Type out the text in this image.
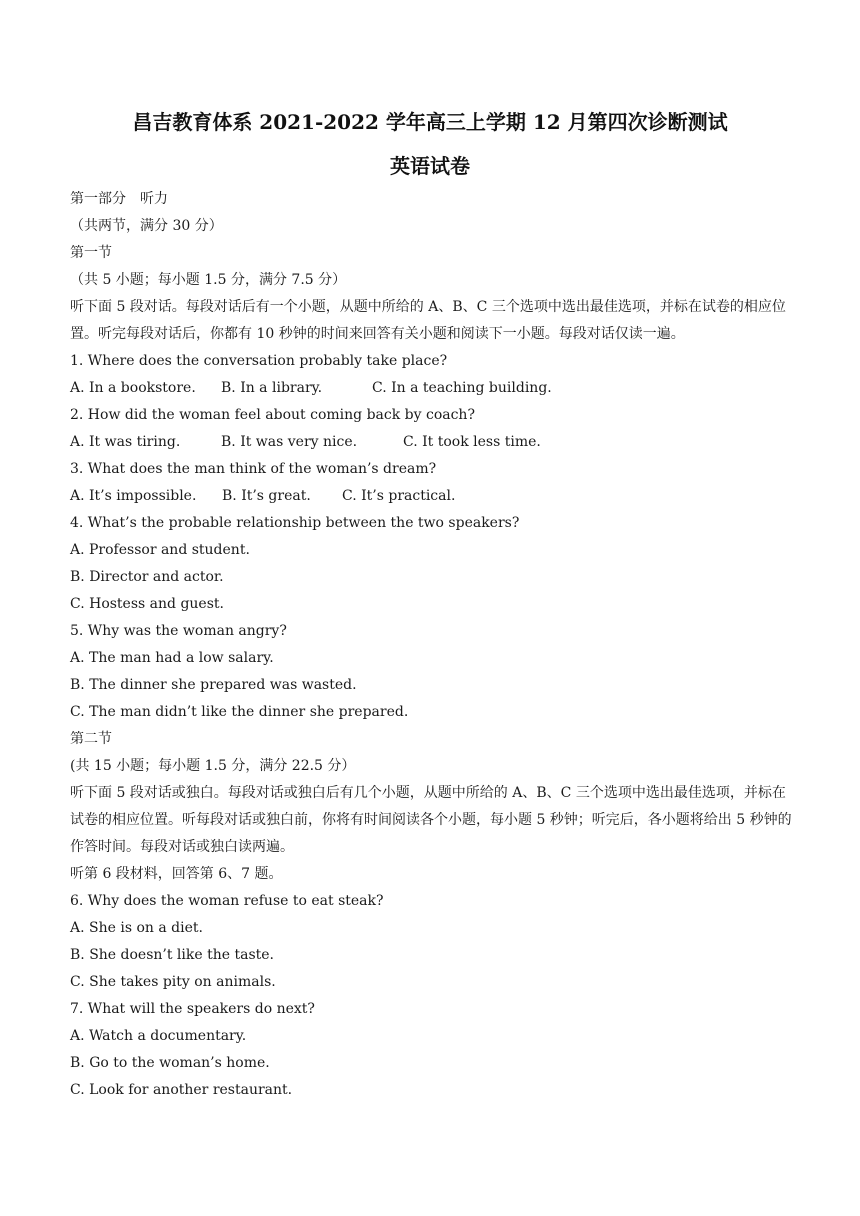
昌吉教育体系 2021-2022 学年高三上学期 12 月第四次诊断测试
英语试卷
第一部分　听力
（共两节，满分 30 分）
第一节
（共 5 小题；每小题 1.5 分，满分 7.5 分）
听下面 5 段对话。每段对话后有一个小题，从题中所给的 A、B、C 三个选项中选出最佳选项，并标在试卷的相应位置。听完每段对话后，你都有 10 秒钟的时间来回答有关小题和阅读下一小题。每段对话仅读一遍。
1. Where does the conversation probably take place?
A. In a bookstore.	B. In a library.	C. In a teaching building.
2. How did the woman feel about coming back by coach?
A. It was tiring.	B. It was very nice.	C. It took less time.
3. What does the man think of the woman’s dream?
A. It’s impossible.	B. It’s great.	C. It’s practical.
4. What’s the probable relationship between the two speakers?
A. Professor and student.
B. Director and actor.
C. Hostess and guest.
5. Why was the woman angry?
A. The man had a low salary.
B. The dinner she prepared was wasted.
C. The man didn’t like the dinner she prepared.
第二节
(共 15 小题；每小题 1.5 分，满分 22.5 分）
听下面 5 段对话或独白。每段对话或独白后有几个小题，从题中所给的 A、B、C 三个选项中选出最佳选项，并标在试卷的相应位置。听每段对话或独白前，你将有时间阅读各个小题，每小题 5 秒钟；听完后，各小题将给出 5 秒钟的作答时间。每段对话或独白读两遍。
听第 6 段材料，回答第 6、7 题。
6. Why does the woman refuse to eat steak?
A. She is on a diet.
B. She doesn’t like the taste.
C. She takes pity on animals.
7. What will the speakers do next?
A. Watch a documentary.
B. Go to the woman’s home.
C. Look for another restaurant.
